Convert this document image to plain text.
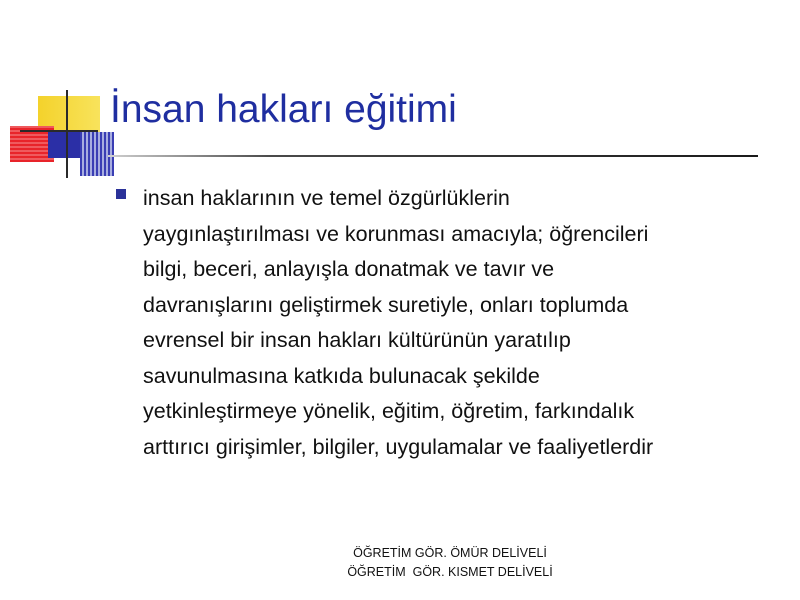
İnsan hakları eğitimi

insan haklarının ve temel özgürlüklerin
yaygınlaştırılması ve korunması amacıyla; öğrencileri
bilgi, beceri, anlayışla donatmak ve tavır ve
davranışlarını geliştirmek suretiyle, onları toplumda
evrensel bir insan hakları kültürünün yaratılıp
savunulmasına katkıda bulunacak şekilde
yetkinleştirmeye yönelik, eğitim, öğretim, farkındalık
arttırıcı girişimler, bilgiler, uygulamalar ve faaliyetlerdir

ÖĞRETİM GÖR. ÖMÜR DELİVELİ
ÖĞRETİM  GÖR. KISMET DELİVELİ
